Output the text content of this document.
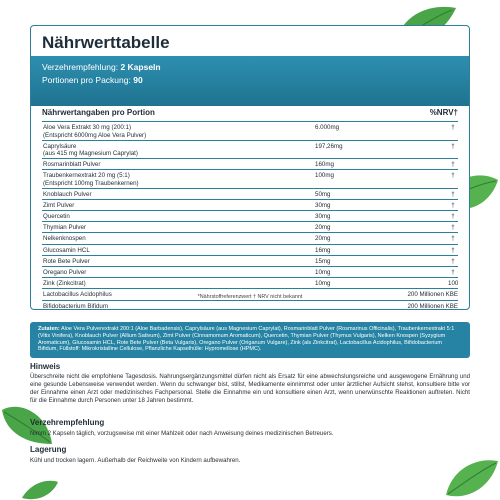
Nährwerttabelle
Verzehrempfehlung: 2 Kapseln
Portionen pro Packung: 90
Nährwertangaben pro Portion	%NRV†
Aloe Vera Extrakt 30 mg (200:1)
(Entspricht 6000mg Aloe Vera Pulver)
6.000mg	†
Caprylsäure
(aus 415 mg Magnesium Caprylat)
197,26mg	†
Rosmarinblatt Pulver	160mg	†
Traubenkernextrakt 20 mg (5:1)
(Entspricht 100mg Traubenkernen)
100mg	†
Knoblauch Pulver	50mg	†
Zimt Pulver	30mg	†
Quercetin	30mg	†
Thymian Pulver	20mg	†
Nelkenknospen	20mg	†
Glucosamin HCL	16mg	†
Rote Bete Pulver	15mg	†
Oregano Pulver	10mg	†
Zink (Zinkcitrat)	10mg	100
Lactobacillus Acidophilus	200 Millionen KBE
Bifidobacterium Bifidum	200 Millionen KBE
*Nährstoffreferenzwert † NRV nicht bekannt
Zutaten: Aloe Vera Pulverextrakt 200:1 (Aloe Barbadensis), Caprylsäure (aus Magnesium Caprylat), Rosmarinblatt Pulver (Rosmarinus Officinalis), Traubenkernextrakt 5:1 (Vitis Vinifera), Knoblauch Pulver (Allium Sativum), Zimt Pulver (Cinnamomum Aromaticum), Quercetin, Thymian Pulver (Thymus Vulgaris), Nelken Knospen (Syzygium Aromaticum), Glucosamin HCL, Rote Bete Pulver (Beta Vulgaris), Oregano Pulver (Origanum Vulgare), Zink (als Zinkcitrat), Lactobacillus Acidophilus, Bifidobacterium Bifidum, Füllstoff: Mikrokristalline Cellulose, Pflanzliche Kapselhülle: Hypromellose (HPMC).
Hinweis
Überschreite nicht die empfohlene Tagesdosis. Nahrungsergänzungsmittel dürfen nicht als Ersatz für eine abwechslungsreiche und ausgewogene Ernährung und eine gesunde Lebensweise verwendet werden. Wenn du schwanger bist, stillst, Medikamente einnimmst oder unter ärztlicher Aufsicht stehst, konsultiere bitte vor der Einnahme einen Arzt oder medizinisches Fachpersonal. Stelle die Einnahme ein und konsultiere einen Arzt, wenn unerwünschte Reaktionen auftreten. Nicht für die Einnahme durch Personen unter 18 Jahren bestimmt.
Verzehrempfehlung
Nimm 2 Kapseln täglich, vorzugsweise mit einer Mahlzeit oder nach Anweisung deines medizinischen Betreuers.
Lagerung
Kühl und trocken lagern. Außerhalb der Reichweite von Kindern aufbewahren.
